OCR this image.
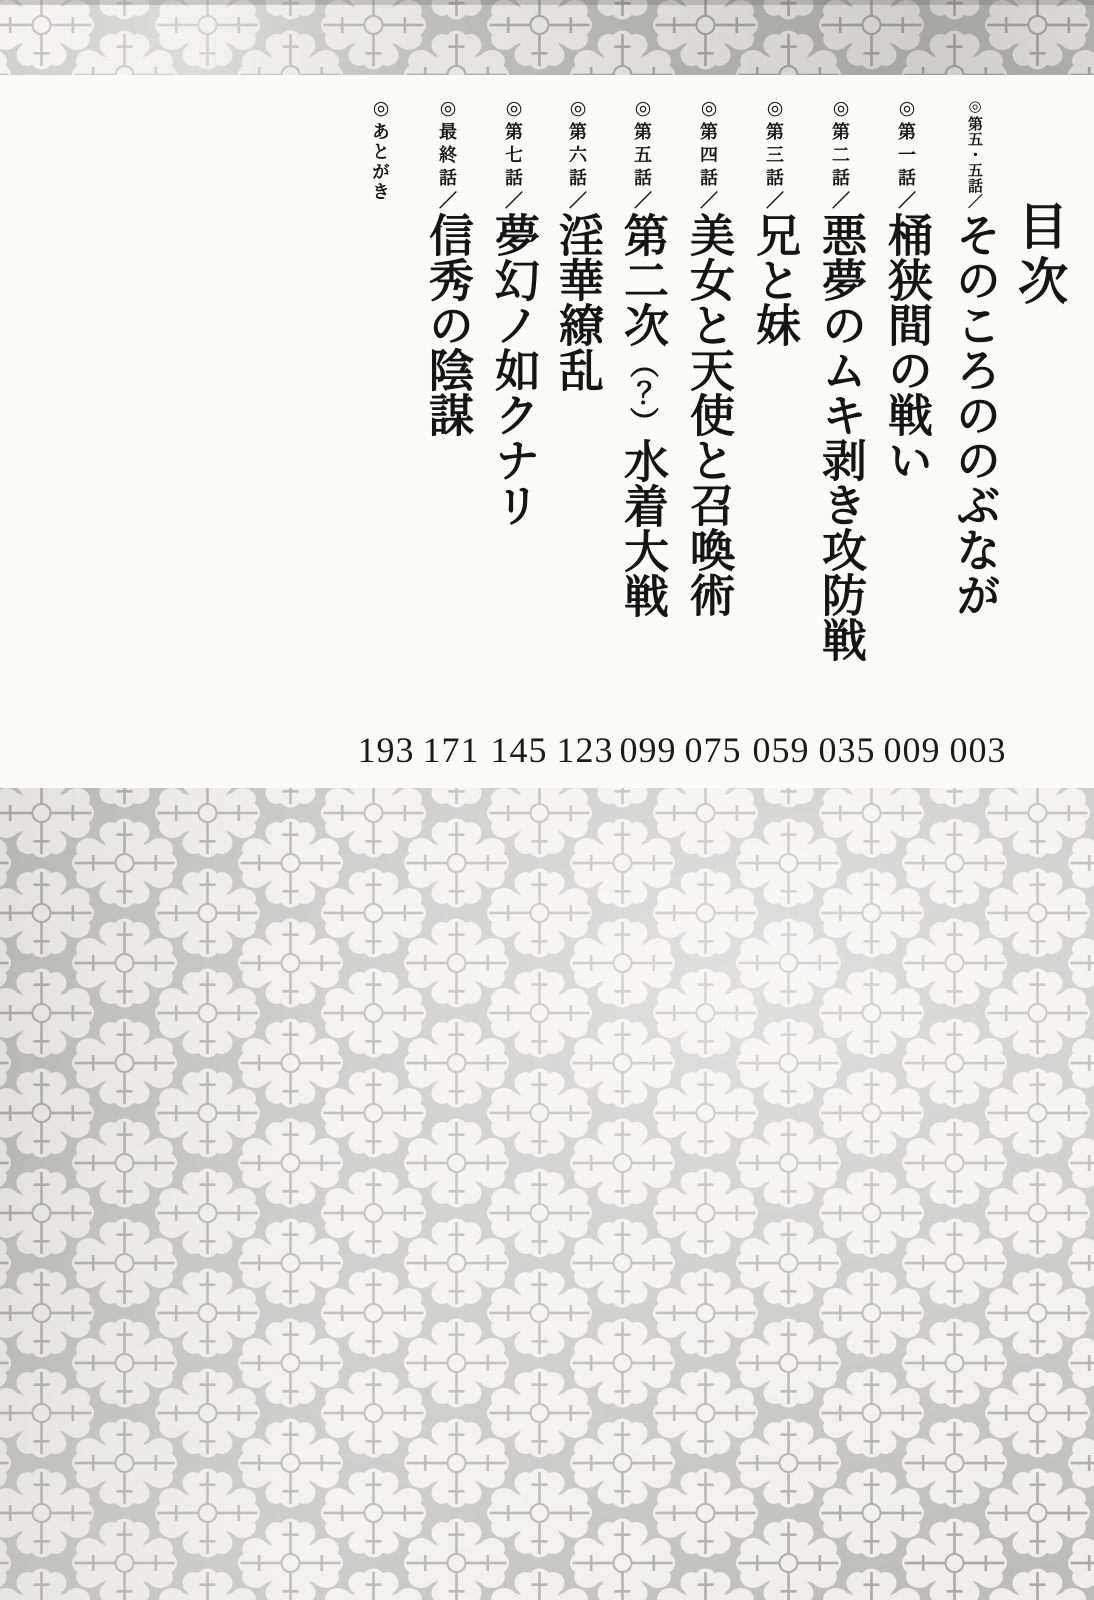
目次
◎第五・五話／そのころののぶなが
◎第一話／桶狭間の戦い
◎第二話／悪夢のムキ剥き攻防戦
◎第三話／兄と妹
◎第四話／美女と天使と召喚術
◎第五話／第二次（？）水着大戦
◎第六話／淫華繚乱
◎第七話／夢幻ノ如クナリ
◎最終話／信秀の陰謀
◎あとがき
003
009
035
059
075
099
123
145
171
193
